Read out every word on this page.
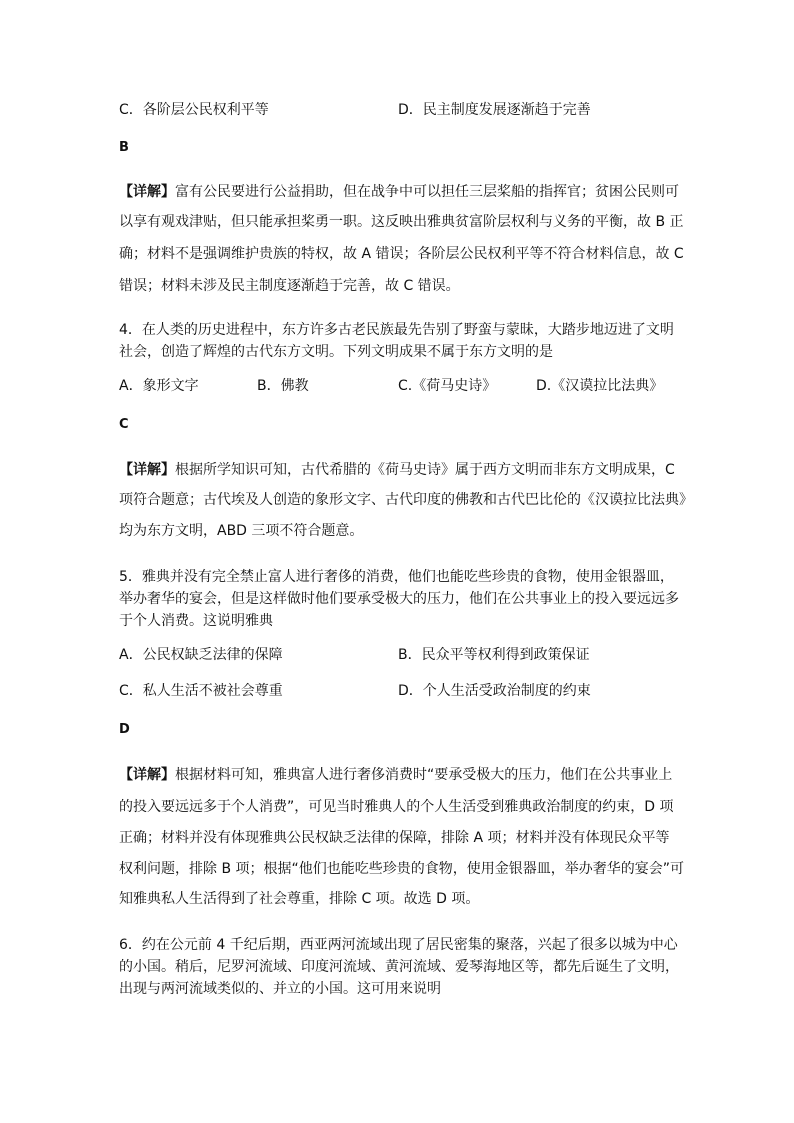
C．各阶层公民权利平等	D．民主制度发展逐渐趋于完善
B
【详解】富有公民要进行公益捐助，但在战争中可以担任三层桨船的指挥官；贫困公民则可
以享有观戏津贴，但只能承担桨勇一职。这反映出雅典贫富阶层权利与义务的平衡，故 B 正
确；材料不是强调维护贵族的特权，故 A 错误；各阶层公民权利平等不符合材料信息，故 C
错误；材料未涉及民主制度逐渐趋于完善，故 C 错误。
4．在人类的历史进程中，东方许多古老民族最先告别了野蛮与蒙昧，大踏步地迈进了文明
社会，创造了辉煌的古代东方文明。下列文明成果不属于东方文明的是
A．象形文字	B．佛教	C.《荷马史诗》	D.《汉谟拉比法典》
C
【详解】根据所学知识可知，古代希腊的《荷马史诗》属于西方文明而非东方文明成果，C
项符合题意；古代埃及人创造的象形文字、古代印度的佛教和古代巴比伦的《汉谟拉比法典》
均为东方文明，ABD 三项不符合题意。
5．雅典并没有完全禁止富人进行奢侈的消费，他们也能吃些珍贵的食物，使用金银器皿，
举办奢华的宴会，但是这样做时他们要承受极大的压力，他们在公共事业上的投入要远远多
于个人消费。这说明雅典
A．公民权缺乏法律的保障	B．民众平等权利得到政策保证
C．私人生活不被社会尊重	D．个人生活受政治制度的约束
D
【详解】根据材料可知，雅典富人进行奢侈消费时“要承受极大的压力，他们在公共事业上
的投入要远远多于个人消费”，可见当时雅典人的个人生活受到雅典政治制度的约束，D 项
正确；材料并没有体现雅典公民权缺乏法律的保障，排除 A 项；材料并没有体现民众平等
权利问题，排除 B 项；根据“他们也能吃些珍贵的食物，使用金银器皿，举办奢华的宴会”可
知雅典私人生活得到了社会尊重，排除 C 项。故选 D 项。
6．约在公元前 4 千纪后期，西亚两河流域出现了居民密集的聚落，兴起了很多以城为中心
的小国。稍后，尼罗河流域、印度河流域、黄河流域、爱琴海地区等，都先后诞生了文明，
出现与两河流域类似的、并立的小国。这可用来说明
